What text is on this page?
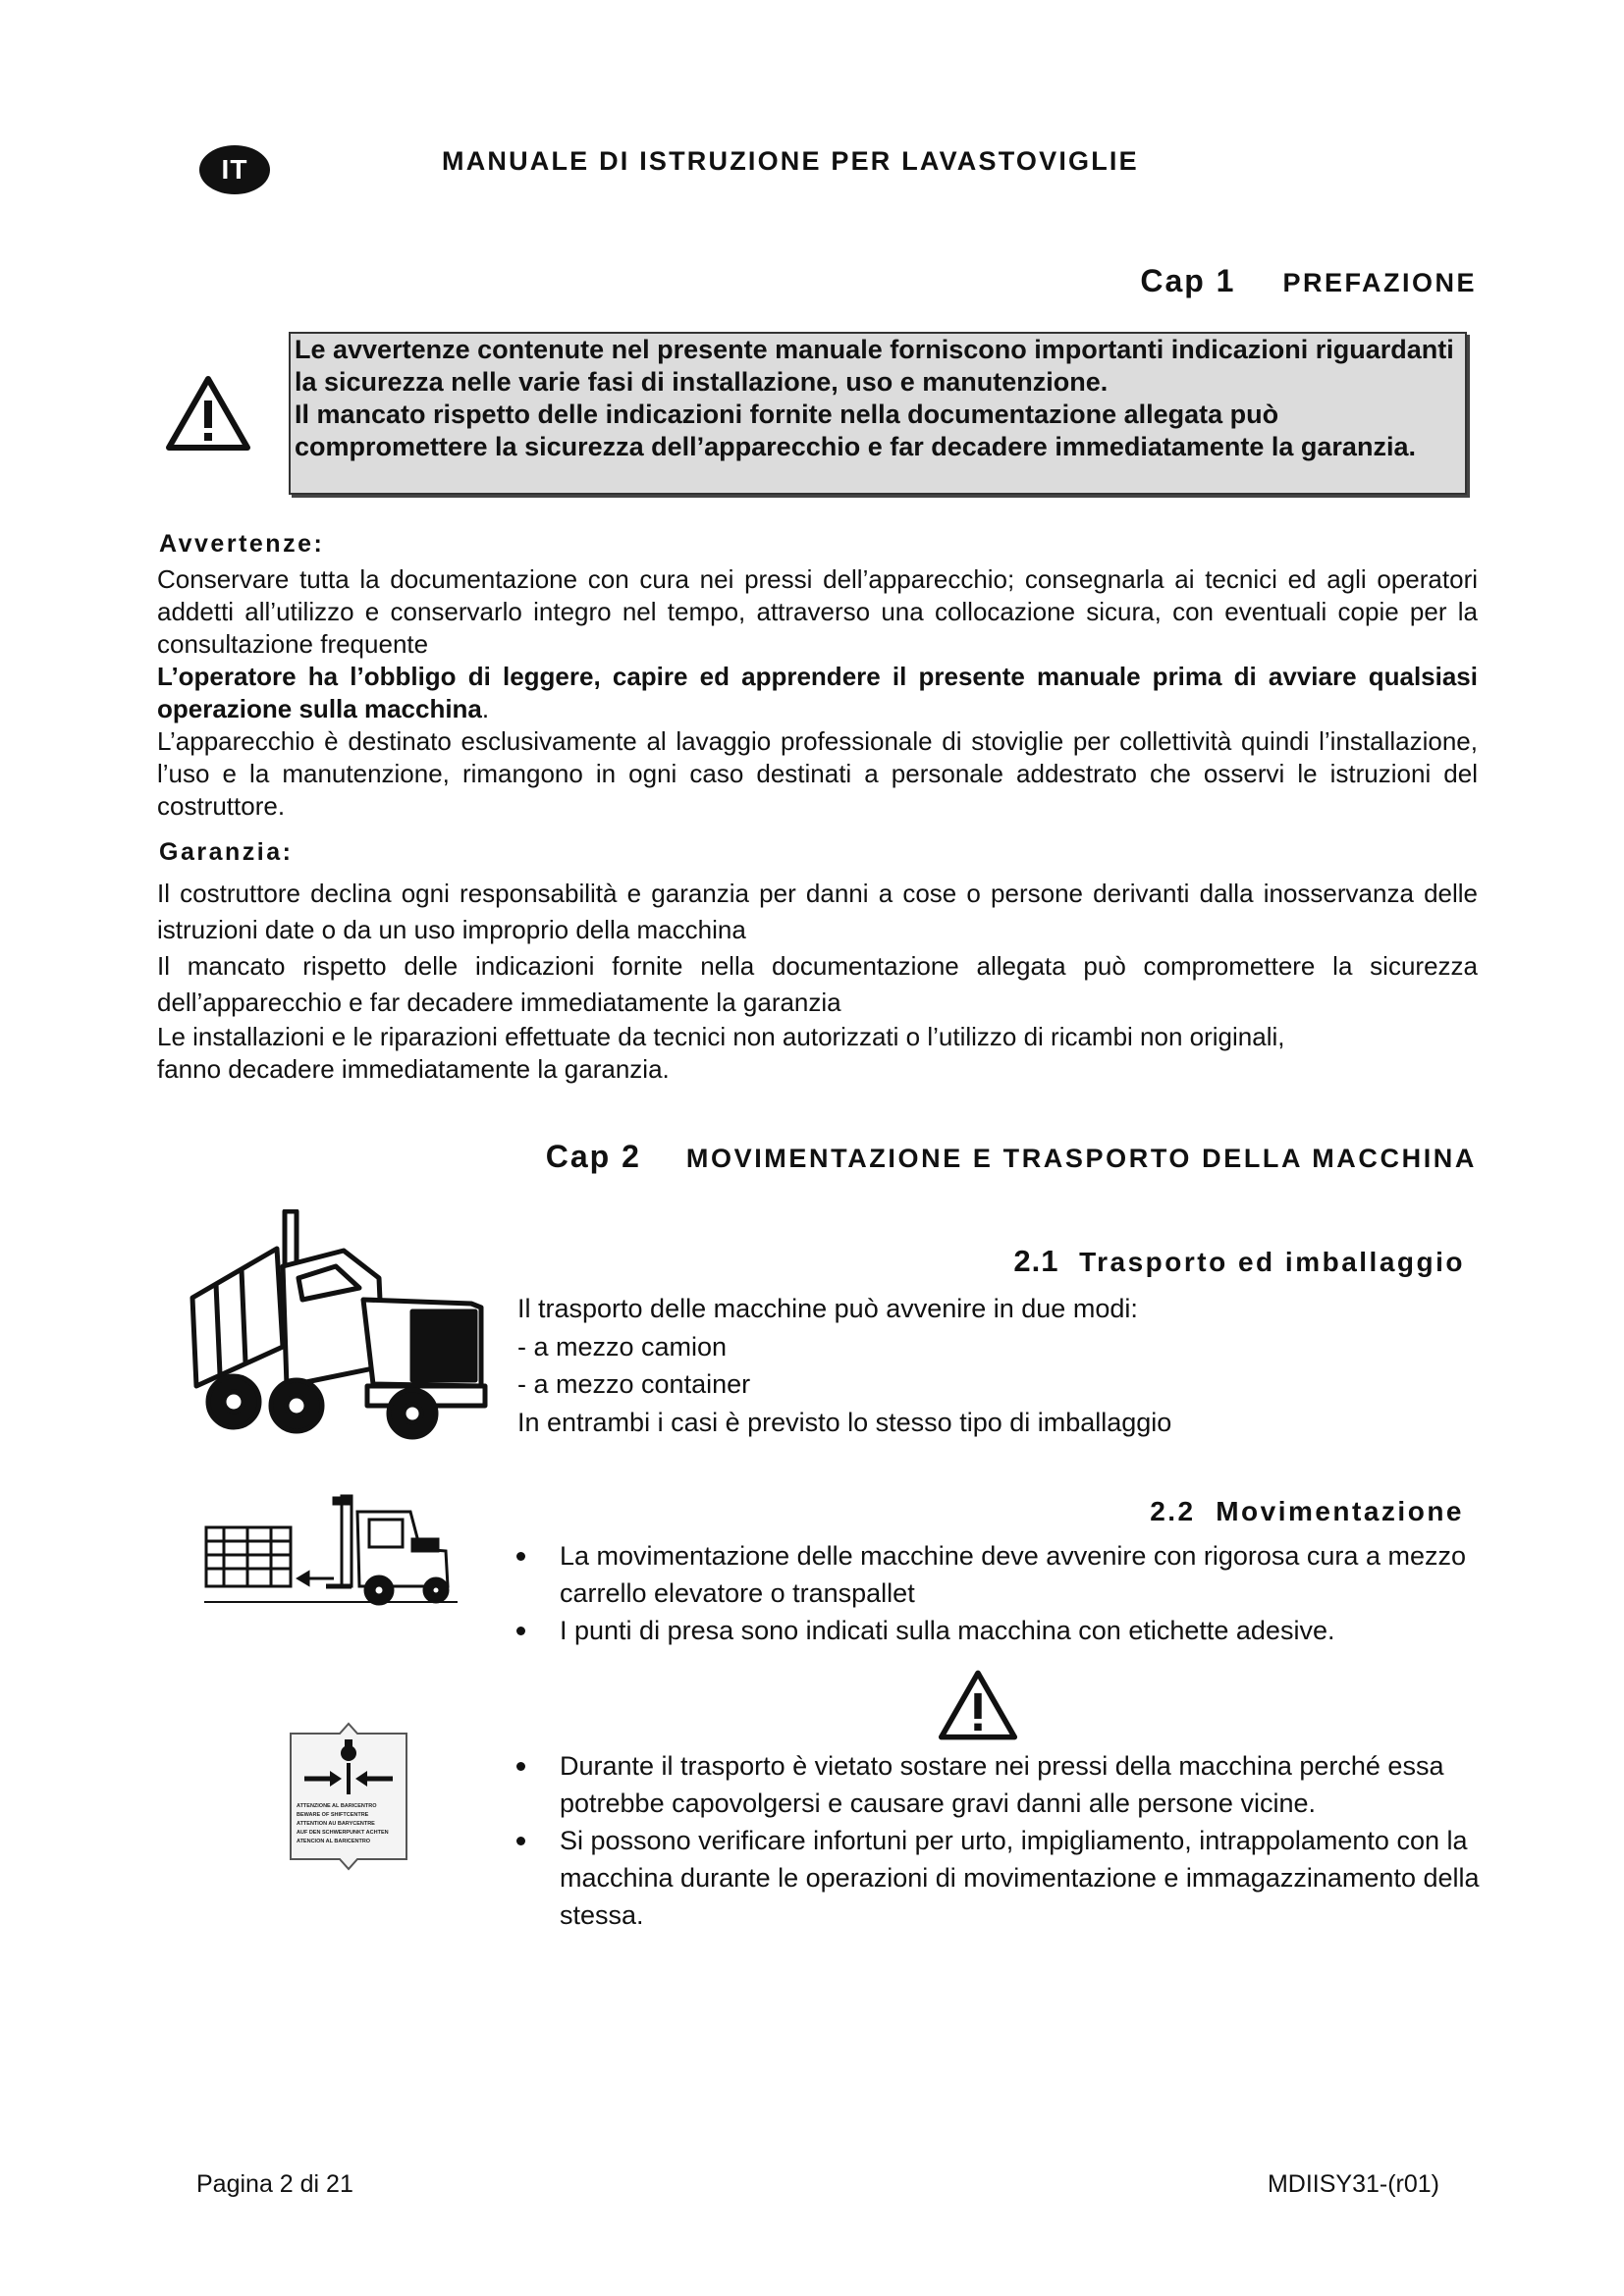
IT	MANUALE DI ISTRUZIONE PER LAVASTOVIGLIE
Cap 1 PREFAZIONE

Le avvertenze contenute nel presente manuale forniscono importanti indicazioni riguardanti la sicurezza nelle varie fasi di installazione, uso e manutenzione.

Il mancato rispetto delle indicazioni fornite nella documentazione allegata può compromettere la sicurezza dell’apparecchio e far decadere immediatamente la garanzia.

Avvertenze:

Conservare tutta la documentazione con cura nei pressi dell’apparecchio; consegnarla ai tecnici ed agli operatori addetti all’utilizzo e conservarlo integro nel tempo, attraverso una collocazione sicura, con eventuali copie per la consultazione frequente

L’operatore ha l’obbligo di leggere, capire ed apprendere il presente manuale prima di avviare qualsiasi operazione sulla macchina.

L’apparecchio è destinato esclusivamente al lavaggio professionale di stoviglie per collettività quindi l’installazione, l’uso e la manutenzione, rimangono in ogni caso destinati a personale addestrato che osservi le istruzioni del costruttore.

Garanzia:

Il costruttore declina ogni responsabilità e garanzia per danni a cose o persone derivanti dalla inosservanza delle istruzioni date o da un uso improprio della macchina

Il mancato rispetto delle indicazioni fornite nella documentazione allegata può compromettere la sicurezza dell’apparecchio e far decadere immediatamente la garanzia

Le installazioni e le riparazioni effettuate da tecnici non autorizzati o l’utilizzo di ricambi non originali,

fanno decadere immediatamente la garanzia.

Cap 2 MOVIMENTAZIONE E TRASPORTO DELLA MACCHINA
2.1 Trasporto ed imballaggio

Il trasporto delle macchine può avvenire in due modi:

- a mezzo camion

- a mezzo container

In entrambi i casi è previsto lo stesso tipo di imballaggio

2.2 Movimentazione
La movimentazione delle macchine deve avvenire con rigorosa cura a mezzo carrello elevatore o transpallet
I punti di presa sono indicati sulla macchina con etichette adesive.
ATTENZIONE AL BARICENTRO
BEWARE OF SHIFTCENTRE
ATTENTION AU BARYCENTRE
AUF DEN SCHWERPUNKT ACHTEN
ATENCION AL BARICENTRO
Durante il trasporto è vietato sostare nei pressi della macchina perché essa potrebbe capovolgersi e causare gravi danni alle persone vicine.
Si possono verificare infortuni per urto, impigliamento, intrappolamento con la macchina durante le operazioni di movimentazione e immagazzinamento della stessa.
Pagina 2 di 21	MDIISY31-(r01)
